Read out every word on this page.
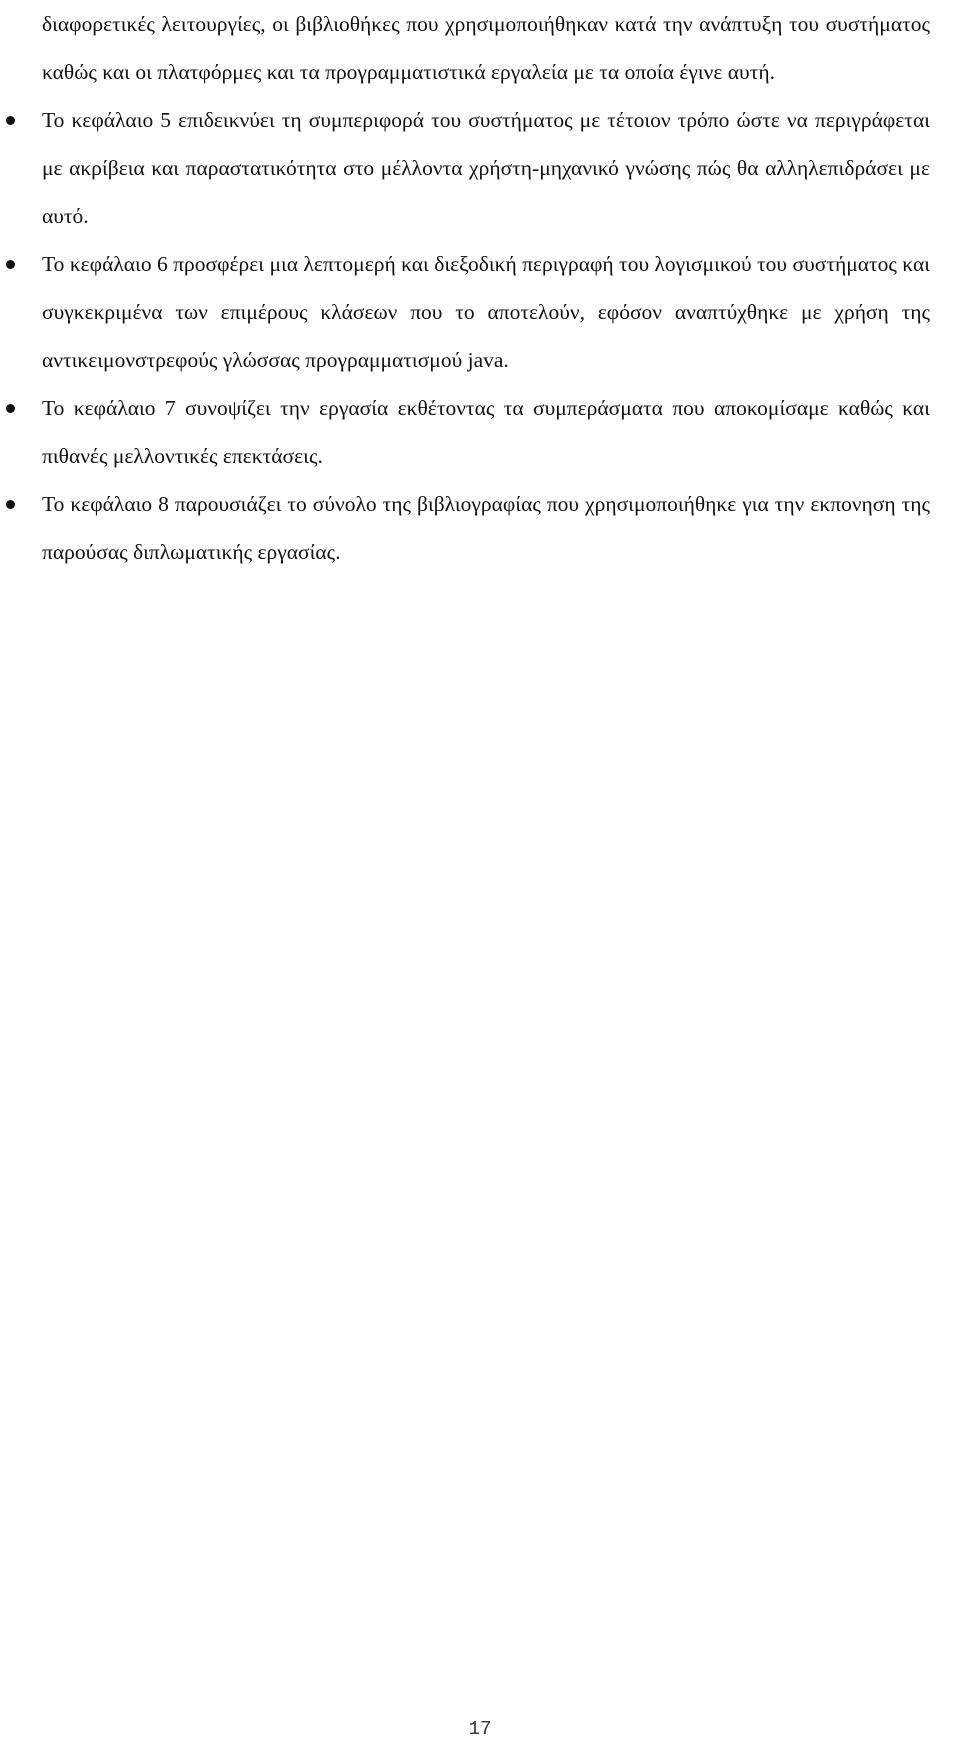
διαφορετικές λειτουργίες, οι βιβλιοθήκες που χρησιμοποιήθηκαν κατά την ανάπτυξη του συστήματος καθώς και οι πλατφόρμες και τα προγραμματιστικά εργαλεία με τα οποία έγινε αυτή.

Το κεφάλαιο 5 επιδεικνύει τη συμπεριφορά του συστήματος με τέτοιον τρόπο ώστε να περιγράφεται με ακρίβεια και παραστατικότητα στο μέλλοντα χρήστη-μηχανικό γνώσης πώς θα αλληλεπιδράσει με αυτό.
Το κεφάλαιο 6 προσφέρει μια λεπτομερή και διεξοδική περιγραφή του λογισμικού του συστήματος και συγκεκριμένα των επιμέρους κλάσεων που το αποτελούν, εφόσον αναπτύχθηκε με χρήση της αντικειμονστρεφούς γλώσσας προγραμματισμού java.
Το κεφάλαιο 7 συνοψίζει την εργασία εκθέτοντας τα συμπεράσματα που αποκομίσαμε καθώς και πιθανές μελλοντικές επεκτάσεις.
Το κεφάλαιο 8 παρουσιάζει το σύνολο της βιβλιογραφίας που χρησιμοποιήθηκε για την εκπονηση της παρούσας διπλωματικής εργασίας.
17
